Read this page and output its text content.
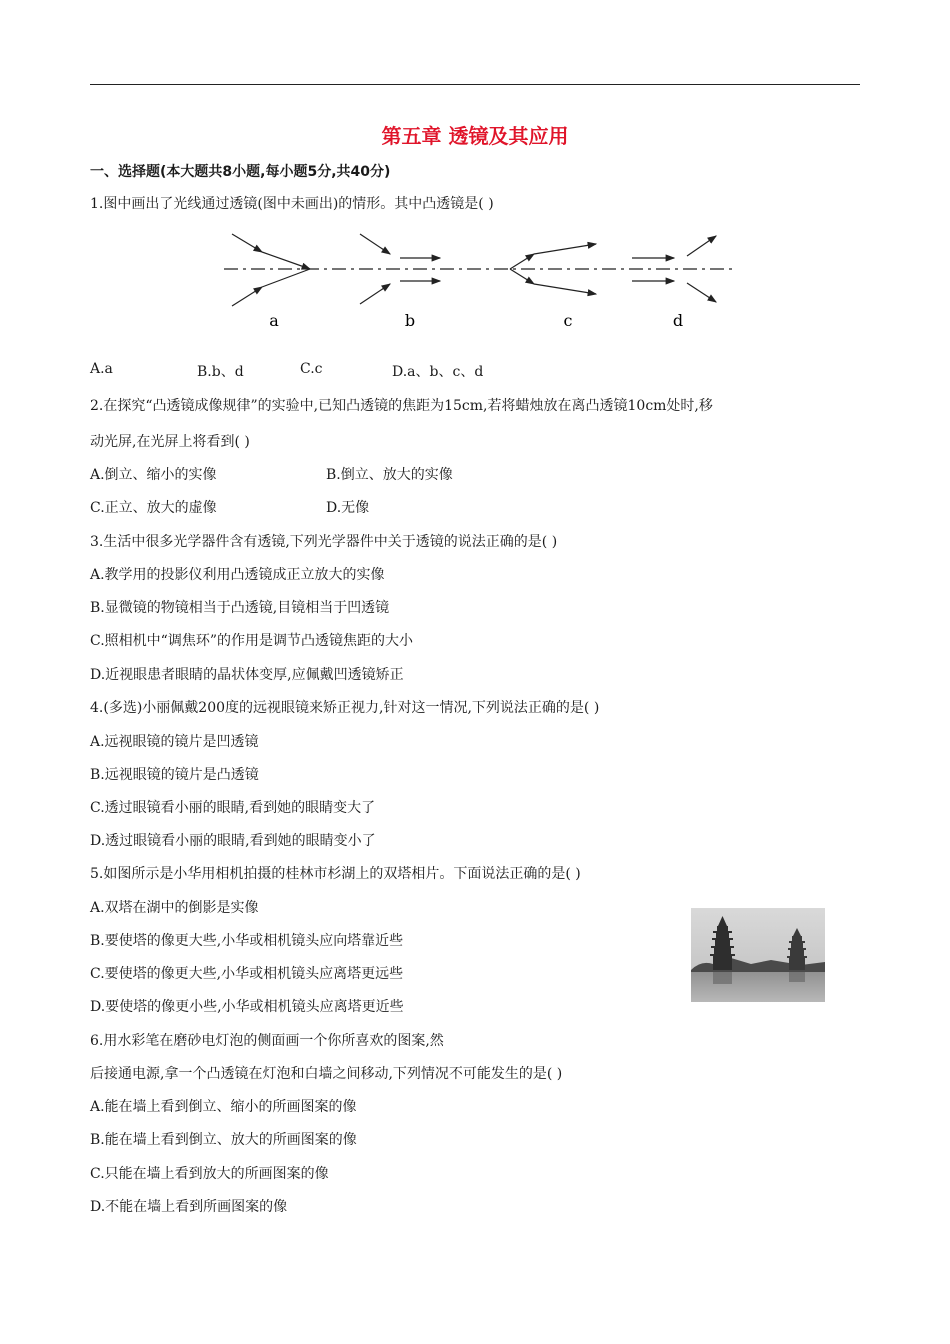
第五章 透镜及其应用
一、选择题(本大题共8小题,每小题5分,共40分)
1.图中画出了光线通过透镜(图中未画出)的情形。其中凸透镜是( )
a	b	c	d
A.a	B.b、d	C.c	D.a、b、c、d
2.在探究“凸透镜成像规律”的实验中,已知凸透镜的焦距为15cm,若将蜡烛放在离凸透镜10cm处时,移
动光屏,在光屏上将看到( )
A.倒立、缩小的实像	B.倒立、放大的实像
C.正立、放大的虚像	D.无像
3.生活中很多光学器件含有透镜,下列光学器件中关于透镜的说法正确的是( )
A.教学用的投影仪利用凸透镜成正立放大的实像
B.显微镜的物镜相当于凸透镜,目镜相当于凹透镜
C.照相机中“调焦环”的作用是调节凸透镜焦距的大小
D.近视眼患者眼睛的晶状体变厚,应佩戴凹透镜矫正
4.(多选)小丽佩戴200度的远视眼镜来矫正视力,针对这一情况,下列说法正确的是( )
A.远视眼镜的镜片是凹透镜
B.远视眼镜的镜片是凸透镜
C.透过眼镜看小丽的眼睛,看到她的眼睛变大了
D.透过眼镜看小丽的眼睛,看到她的眼睛变小了
5.如图所示是小华用相机拍摄的桂林市杉湖上的双塔相片。下面说法正确的是( )
A.双塔在湖中的倒影是实像
B.要使塔的像更大些,小华或相机镜头应向塔靠近些
C.要使塔的像更大些,小华或相机镜头应离塔更远些
D.要使塔的像更小些,小华或相机镜头应离塔更近些
6.用水彩笔在磨砂电灯泡的侧面画一个你所喜欢的图案,然
后接通电源,拿一个凸透镜在灯泡和白墙之间移动,下列情况不可能发生的是( )
A.能在墙上看到倒立、缩小的所画图案的像
B.能在墙上看到倒立、放大的所画图案的像
C.只能在墙上看到放大的所画图案的像
D.不能在墙上看到所画图案的像
